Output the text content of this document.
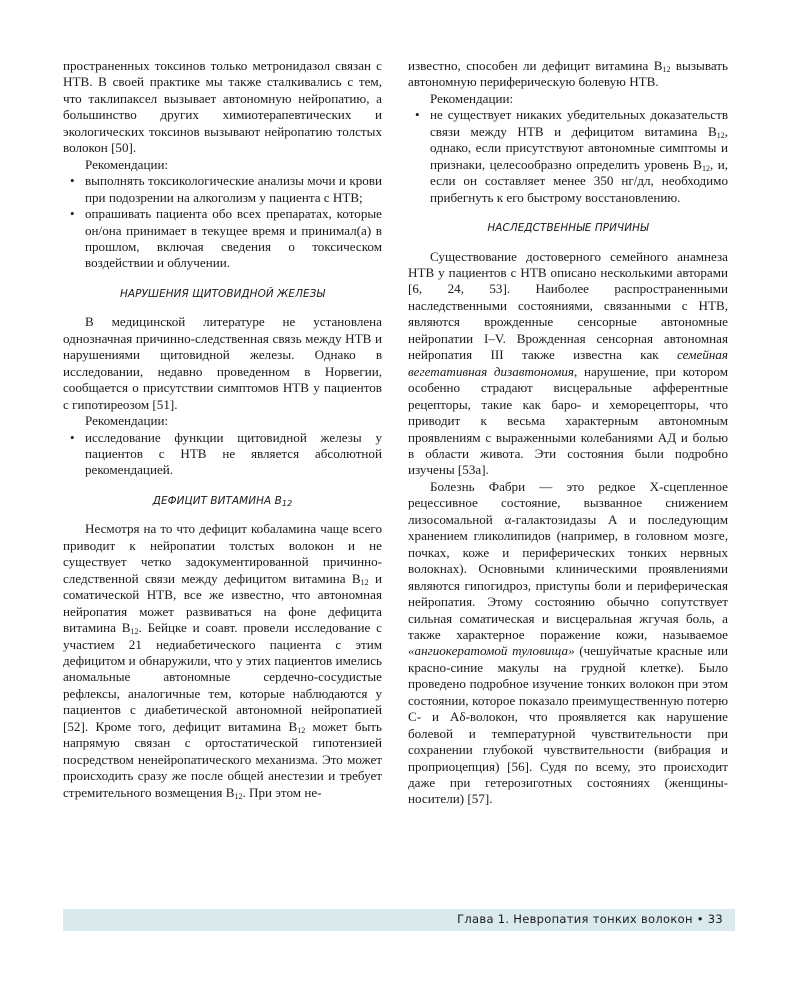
пространенных токсинов только метронидазол связан с НТВ. В своей практике мы также сталкивались с тем, что таклипаксел вызывает автономную нейропатию, а большинство других химиотерапевтических и экологических токсинов вызывают нейропатию толстых волокон [50].

Рекомендации:

• выполнять токсикологические анализы мочи и крови при подозрении на алкоголизм у пациента с НТВ;
• опрашивать пациента обо всех препаратах, которые он/она принимает в текущее время и принимал(а) в прошлом, включая сведения о токсическом воздействии и облучении.
НАРУШЕНИЯ ЩИТОВИДНОЙ ЖЕЛЕЗЫ

В медицинской литературе не установлена однозначная причинно-следственная связь между НТВ и нарушениями щитовидной железы. Однако в исследовании, недавно проведенном в Норвегии, сообщается о присутствии симптомов НТВ у пациентов с гипотиреозом [51].

Рекомендации:

• исследование функции щитовидной железы у пациентов с НТВ не является абсолютной рекомендацией.
ДЕФИЦИТ ВИТАМИНА $B_{12}$

Несмотря на то что дефицит кобаламина чаще всего приводит к нейропатии толстых волокон и не существует четко задокументированной причинно-следственной связи между дефицитом витамина $B_{12}$ и соматической НТВ, все же известно, что автономная нейропатия может развиваться на фоне дефицита витамина $B_{12}$. Бейцке и соавт. провели исследование с участием 21 недиабетического пациента с этим дефицитом и обнаружили, что у этих пациентов имелись аномальные автономные сердечно-сосудистые рефлексы, аналогичные тем, которые наблюдаются у пациентов с диабетической автономной нейропатией [52]. Кроме того, дефицит витамина $B_{12}$ может быть напрямую связан с ортостатической гипотензией посредством ненейропатического механизма. Это может происходить сразу же после общей анестезии и требует стремительного возмещения $B_{12}$. При этом не-

известно, способен ли дефицит витамина $B_{12}$ вызывать автономную периферическую болевую НТВ.

Рекомендации:

• не существует никаких убедительных доказательств связи между НТВ и дефицитом витамина $B_{12}$, однако, если присутствуют автономные симптомы и признаки, целесообразно определить уровень $B_{12}$, и, если он составляет менее 350 нг/дл, необходимо прибегнуть к его быстрому восстановлению.
НАСЛЕДСТВЕННЫЕ ПРИЧИНЫ

Существование достоверного семейного анамнеза НТВ у пациентов с НТВ описано несколькими авторами [6, 24, 53]. Наиболее распространенными наследственными состояниями, связанными с НТВ, являются врожденные сенсорные автономные нейропатии I–V. Врожденная сенсорная автономная нейропатия III также известна как семейная вегетативная дизавтономия, нарушение, при котором особенно страдают висцеральные афферентные рецепторы, такие как баро- и хеморецепторы, что приводит к весьма характерным автономным проявлениям с выраженными колебаниями АД и болью в области живота. Эти состояния были подробно изучены [53a].

Болезнь Фабри — это редкое X-сцепленное рецессивное состояние, вызванное снижением лизосомальной α-галактозидазы А и последующим хранением гликолипидов (например, в головном мозге, почках, коже и периферических тонких нервных волокнах). Основными клиническими проявлениями являются гипогидроз, приступы боли и периферическая нейропатия. Этому состоянию обычно сопутствует сильная соматическая и висцеральная жгучая боль, а также характерное поражение кожи, называемое «ангиокератомой туловища» (чешуйчатые красные или красно-синие макулы на грудной клетке). Было проведено подробное изучение тонких волокон при этом состоянии, которое показало преимущественную потерю С- и Аδ-волокон, что проявляется как нарушение болевой и температурной чувствительности при сохранении глубокой чувствительности (вибрация и проприоцепция) [56]. Судя по всему, это происходит даже при гетерозиготных состояниях (женщины-носители) [57].

Глава 1. Невропатия тонких волокон • 33
